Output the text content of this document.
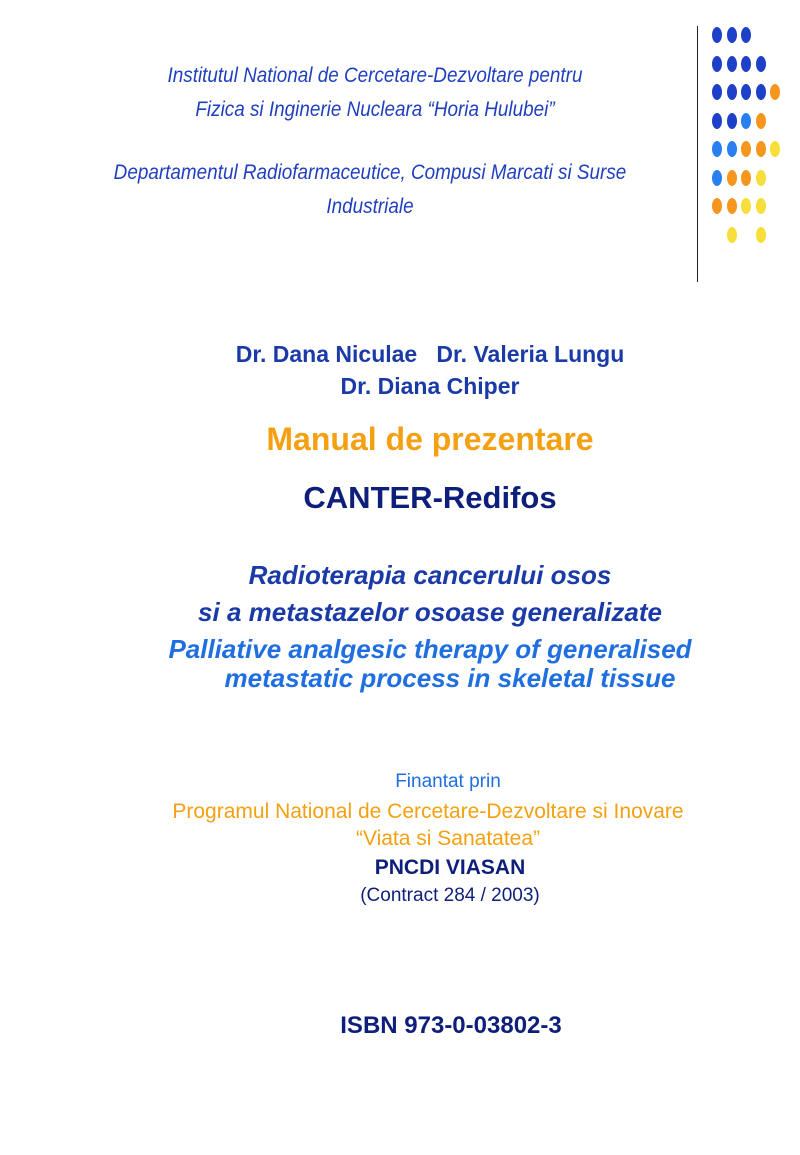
Institutul National de Cercetare-Dezvoltare pentru
Fizica si Inginerie Nucleara “Horia Hulubei”
Departamentul Radiofarmaceutice, Compusi Marcati si Surse
Industriale
Dr. Dana Niculae   Dr. Valeria Lungu
Dr. Diana Chiper
Manual de prezentare
CANTER-Redifos
Radioterapia cancerului osos
si a metastazelor osoase generalizate
Palliative analgesic therapy of generalised
metastatic process in skeletal tissue
Finantat prin
Programul National de Cercetare-Dezvoltare si Inovare
“Viata si Sanatatea”
PNCDI VIASAN
(Contract 284 / 2003)
ISBN 973-0-03802-3
